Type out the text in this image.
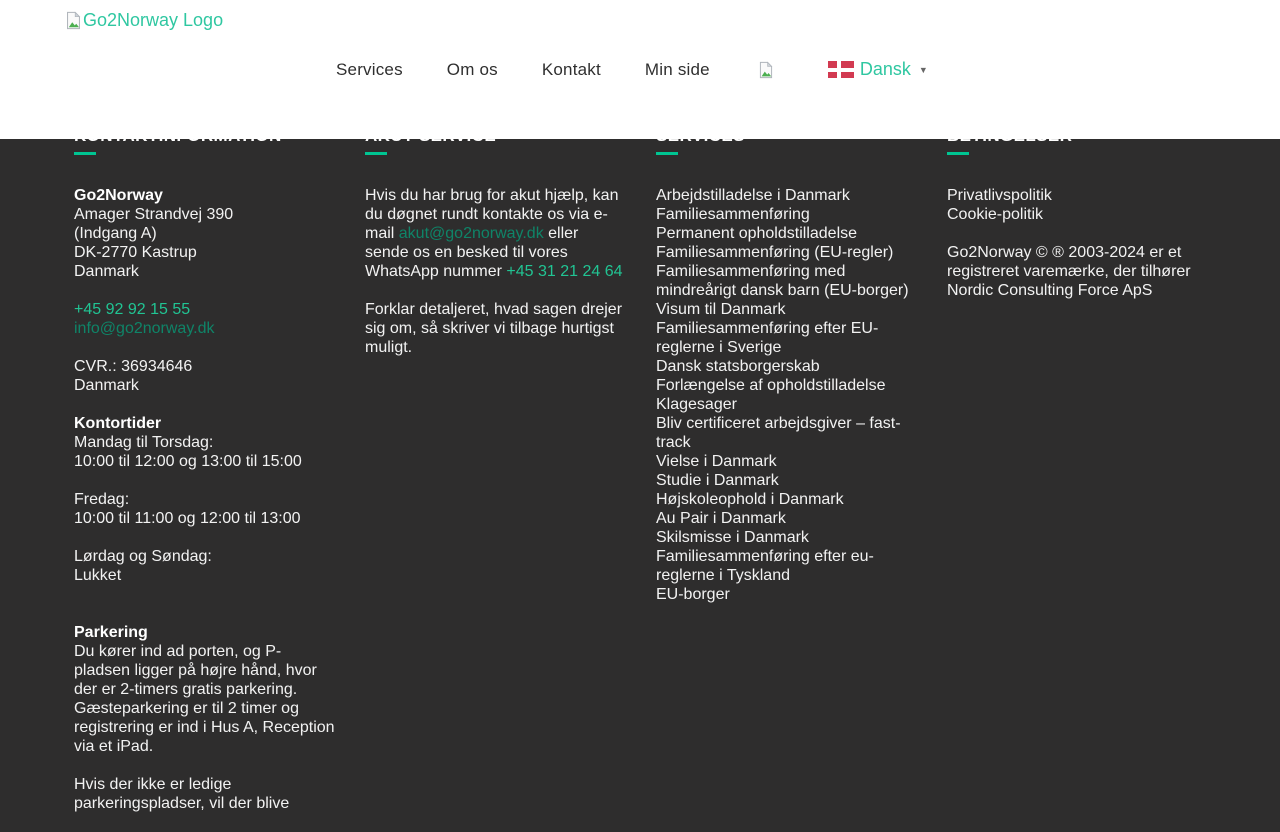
Go2Norway Logo
Services	Om os	Kontakt	Min side	Dansk ▼

Go2Norway
Amager Strandvej 390
(Indgang A)
DK-2770 Kastrup
Danmark

+45 92 92 15 55
info@go2norway.dk

CVR.: 36934646
Danmark

Kontortider
Mandag til Torsdag:
10:00 til 12:00 og 13:00 til 15:00

Fredag:
10:00 til 11:00 og 12:00 til 13:00

Lørdag og Søndag:
Lukket

Parkering
Du kører ind ad porten, og P-pladsen ligger på højre hånd, hvor der er 2-timers gratis parkering. Gæsteparkering er til 2 timer og registrering er ind i Hus A, Reception via et iPad.

Hvis der ikke er ledige parkeringspladser, vil der blive

Hvis du har brug for akut hjælp, kan du døgnet rundt kontakte os via e-mail akut@go2norway.dk eller sende os en besked til vores WhatsApp nummer +45 31 21 24 64

Forklar detaljeret, hvad sagen drejer sig om, så skriver vi tilbage hurtigst muligt.

Arbejdstilladelse i Danmark
Familiesammenføring
Permanent opholdstilladelse
Familiesammenføring (EU-regler)
Familiesammenføring med mindreårigt dansk barn (EU-borger)
Visum til Danmark
Familiesammenføring efter EU-reglerne i Sverige
Dansk statsborgerskab
Forlængelse af opholdstilladelse
Klagesager
Bliv certificeret arbejdsgiver – fast-track
Vielse i Danmark
Studie i Danmark
Højskoleophold i Danmark
Au Pair i Danmark
Skilsmisse i Danmark
Familiesammenføring efter eu-reglerne i Tyskland
EU-borger

Privatlivspolitik
Cookie-politik

Go2Norway © ® 2003-2024 er et registreret varemærke, der tilhører Nordic Consulting Force ApS
